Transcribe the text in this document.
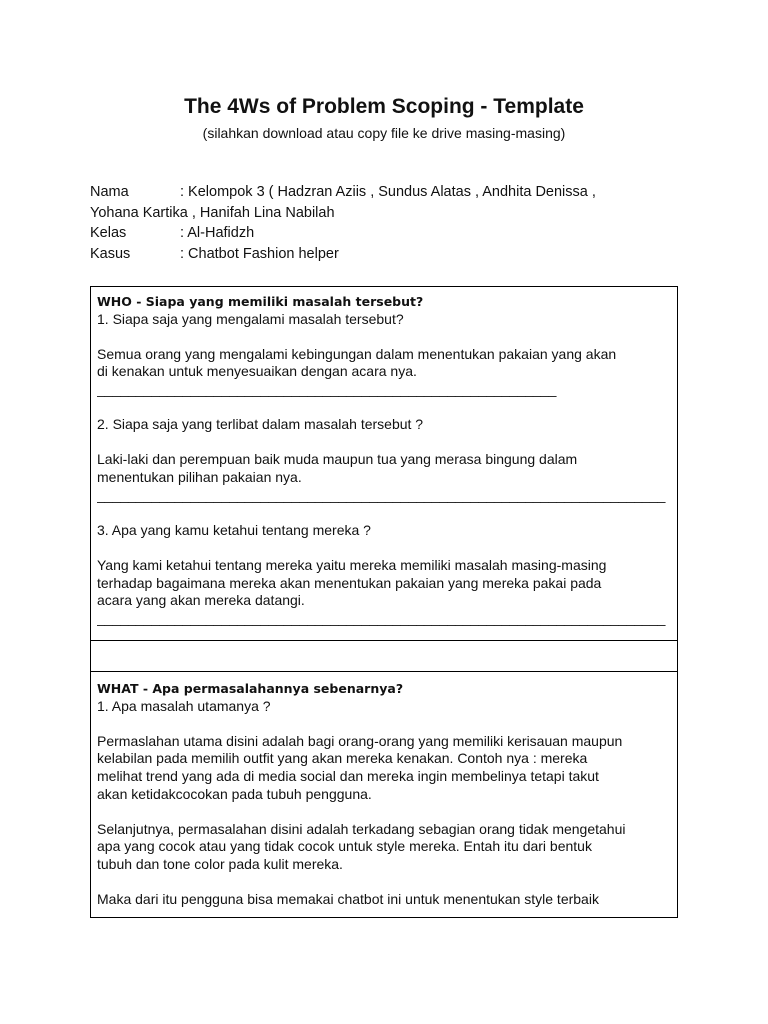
The 4Ws of Problem Scoping - Template
(silahkan download atau copy file ke drive masing-masing)
Nama	: Kelompok 3 ( Hadzran Aziis , Sundus Alatas , Andhita Denissa ,
Yohana Kartika , Hanifah Lina Nabilah
Kelas	: Al-Hafidzh
Kasus	: Chatbot Fashion helper
WHO - Siapa yang memiliki masalah tersebut?
1. Siapa saja yang mengalami masalah tersebut?
Semua orang yang mengalami kebingungan dalam menentukan pakaian yang akan
di kenakan untuk menyesuaikan dengan acara nya.
___________________________________________________________
2. Siapa saja yang terlibat dalam masalah tersebut ?
Laki-laki dan perempuan baik muda maupun tua yang merasa bingung dalam
menentukan pilihan pakaian nya.
_________________________________________________________________________
3. Apa yang kamu ketahui tentang mereka ?
Yang kami ketahui tentang mereka yaitu mereka memiliki masalah masing-masing
terhadap bagaimana mereka akan menentukan pakaian yang mereka pakai pada
acara yang akan mereka datangi.
_________________________________________________________________________
WHAT - Apa permasalahannya sebenarnya?
1. Apa masalah utamanya ?
Permaslahan utama disini adalah bagi orang-orang yang memiliki kerisauan maupun
kelabilan pada memilih outfit yang akan mereka kenakan. Contoh nya : mereka
melihat trend yang ada di media social dan mereka ingin membelinya tetapi takut
akan ketidakcocokan pada tubuh pengguna.
Selanjutnya, permasalahan disini adalah terkadang sebagian orang tidak mengetahui
apa yang cocok atau yang tidak cocok untuk style mereka. Entah itu dari bentuk
tubuh dan tone color pada kulit mereka.
Maka dari itu pengguna bisa memakai chatbot ini untuk menentukan style terbaik
